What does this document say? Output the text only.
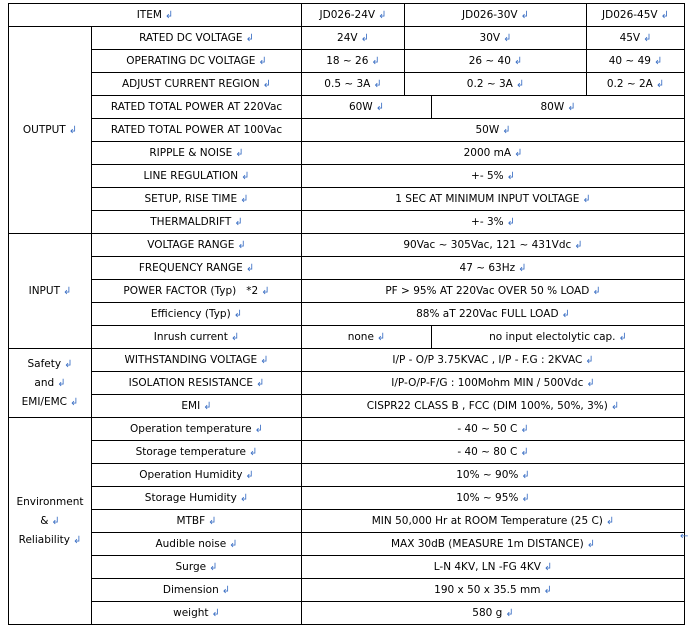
ITEM ↲		JD026-24V ↲	JD026-30V ↲		JD026-45V ↲
OUTPUT ↲	RATED DC VOLTAGE ↲	24V ↲	30V ↲		45V ↲
	OPERATING DC VOLTAGE ↲	18 ~ 26 ↲	26 ~ 40 ↲		40 ~ 49 ↲
	ADJUST CURRENT REGION ↲	0.5 ~ 3A ↲	0.2 ~ 3A ↲		0.2 ~ 2A ↲
	RATED TOTAL POWER AT 220Vac	60W ↲		80W ↲	
	RATED TOTAL POWER AT 100Vac	50W ↲			
	RIPPLE & NOISE ↲	2000 mA ↲			
	LINE REGULATION ↲	+- 5% ↲			
	SETUP, RISE TIME ↲	1 SEC AT MINIMUM INPUT VOLTAGE ↲			
	THERMALDRIFT ↲	+- 3% ↲			
INPUT ↲	VOLTAGE RANGE ↲	90Vac ~ 305Vac, 121 ~ 431Vdc ↲			
	FREQUENCY RANGE ↲	47 ~ 63Hz ↲			
	POWER FACTOR (Typ) *2 ↲	PF > 95% AT 220Vac OVER 50 % LOAD ↲			
	Efficiency (Typ) ↲	88% aT 220Vac FULL LOAD ↲			
	Inrush current ↲	none ↲		no input electolytic cap. ↲	

Safety ↲
and ↲
EMI/EMC ↲	WITHSTANDING VOLTAGE ↲	I/P - O/P 3.75KVAC , I/P - F.G : 2KVAC ↲			
	ISOLATION RESISTANCE ↲	I/P-O/P-F/G : 100Mohm MIN / 500Vdc ↲			
	EMI ↲	CISPR22 CLASS B , FCC (DIM 100%, 50%, 3%) ↲			

Environment
& ↲
Reliability ↲	Operation temperature ↲	- 40 ~ 50 C ↲			
	Storage temperature ↲	- 40 ~ 80 C ↲			
	Operation Humidity ↲	10% ~ 90% ↲			
	Storage Humidity ↲	10% ~ 95% ↲			
	MTBF ↲	MIN 50,000 Hr at ROOM Temperature (25 C) ↲			
	Audible noise ↲	MAX 30dB (MEASURE 1m DISTANCE) ↲			
	Surge ↲	L-N 4KV, LN -FG 4KV ↲			
	Dimension ↲	190 x 50 x 35.5 mm ↲			
	weight ↲	580 g ↲			
←
